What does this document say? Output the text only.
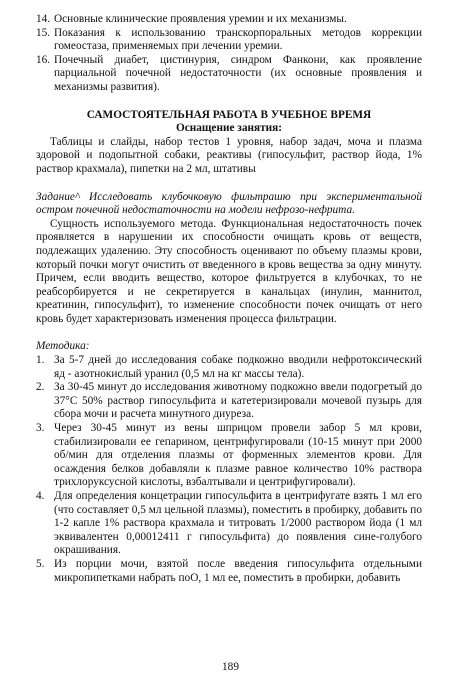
14. Основные клинические проявления уремии и их механизмы.
15. Показания к использованию транскорпоральных методов коррекции гомеостаза, применяемых при лечении уремии.
16. Почечный диабет, цистинурия, синдром Фанкони, как проявление парциальной почечной недостаточности (их основные проявления и механизмы развития).
САМОСТОЯТЕЛЬНАЯ РАБОТА В УЧЕБНОЕ ВРЕМЯ
Оснащение занятия:

Таблицы и слайды, набор тестов 1 уровня, набор задач, моча и плазма здоровой и подопытной собаки, реактивы (гипосульфит, раствор йода, 1% раствор крахмала), пипетки на 2 мл, штативы

Задание^ Исследовать клубочковую фильтрашю при экспериментальной остром почечной недостаточности на модели нефрозо-нефрита.

Сущность используемого метода. Функциональная недостаточность почек проявляется в нарушении их способности очищать кровь от веществ, подлежащих удалению. Эту способность оценивают по объему плазмы крови, который почки могут очистить от введенного в кровь вещества за одну минуту. Причем, если вводить вещество, которое фильтруется в клубочках, то не реабсорбируется и не секретируется в канальцах (инулин, маннитол, креатинин, гипосульфит), то изменение способности почек очищать от него кровь будет характеризовать изменения процесса фильтрации.

Методика:

1. За 5-7 дней до исследования собаке подкожно вводили нефротоксический яд - азотнокислый уранил (0,5 мл на кг массы тела).
2. За 30-45 минут до исследования животному подкожно ввели подогретый до 37°С 50% раствор гипосульфита и катетеризировали мочевой пузырь для сбора мочи и расчета минутного диуреза.
3. Через 30-45 минут из вены шприцом провели забор 5 мл крови, стабилизировали ее гепарином, центрифугировали (10-15 минут при 2000 об/мин для отделения плазмы от форменных элементов крови. Для осаждения белков добавляли к плазме равное количество 10% раствора трихлоруксусной кислоты, взбалтывали и центрифугировали).
4. Для определения концетрации гипосульфита в центрифугате взять 1 мл его (что составляет 0,5 мл цельной плазмы), поместить в пробирку, добавить по 1-2 капле 1% раствора крахмала и титровать 1/2000 раствором йода (1 мл эквивалентен 0,00012411 г гипосульфита) до появления сине-голубого окрашивания.
5. Из порции мочи, взятой после введения гипосульфита отдельными микропипетками набрать поО, 1 мл ее, поместить в пробирки, добавить
189
